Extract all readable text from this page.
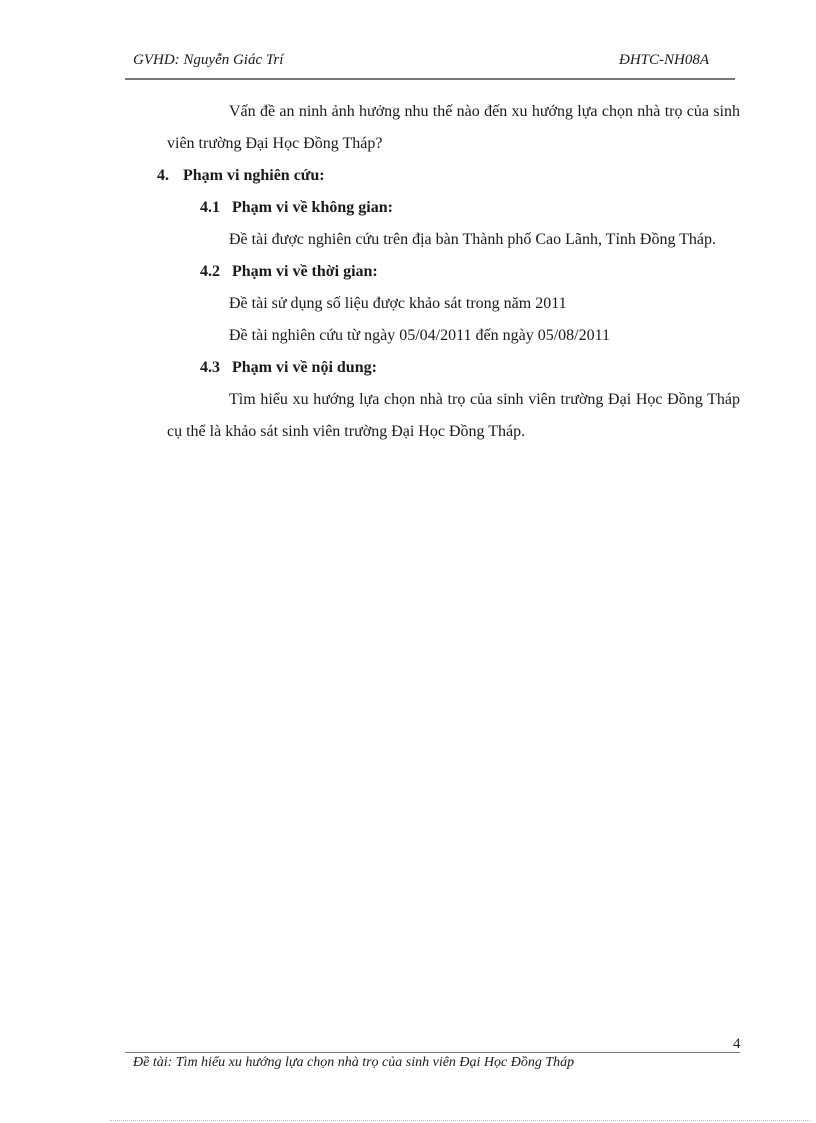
GVHD: Nguyễn Giác Trí	ĐHTC-NH08A

Vấn đề an ninh ảnh hưởng nhu thế nào đến xu hướng lựa chọn nhà trọ của sinh viên trường Đại Học Đồng Tháp?

4. Phạm vi nghiên cứu:

4.1 Phạm vi về không gian:

Đề tài được nghiên cứu trên địa bàn Thành phố Cao Lãnh, Tỉnh Đồng Tháp.

4.2 Phạm vi về thời gian:

Đề tài sử dụng số liệu được khảo sát trong năm 2011

Đề tài nghiên cứu từ ngày 05/04/2011 đến ngày 05/08/2011

4.3 Phạm vi về nội dung:

Tìm hiểu xu hướng lựa chọn nhà trọ của sinh viên trường Đại Học Đồng Tháp cụ thể là khảo sát sinh viên trường Đại Học Đồng Tháp.

4
Đề tài: Tìm hiểu xu hướng lựa chọn nhà trọ của sinh viên Đại Học Đồng Tháp
